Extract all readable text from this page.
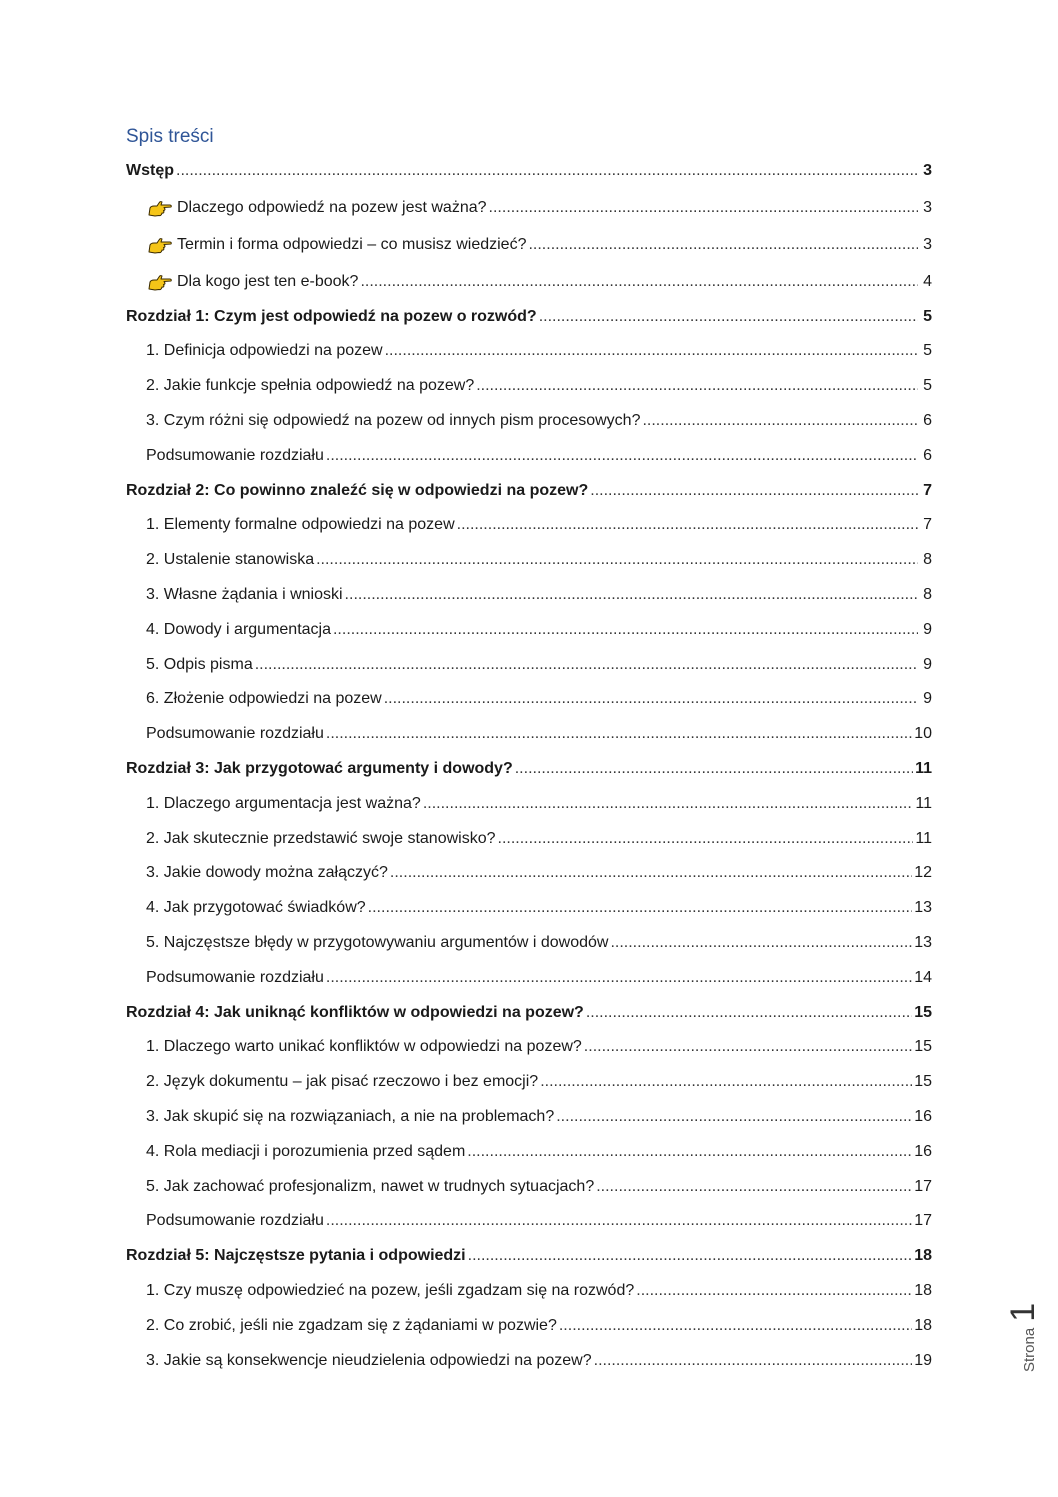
Spis treści
Wstęp .....	3
Dlaczego odpowiedź na pozew jest ważna? .....	3
Termin i forma odpowiedzi – co musisz wiedzieć? .....	3
Dla kogo jest ten e-book? .....	4
Rozdział 1: Czym jest odpowiedź na pozew o rozwód? .....	5
1. Definicja odpowiedzi na pozew .....	5
2. Jakie funkcje spełnia odpowiedź na pozew? .....	5
3. Czym różni się odpowiedź na pozew od innych pism procesowych? .....	6
Podsumowanie rozdziału .....	6
Rozdział 2: Co powinno znaleźć się w odpowiedzi na pozew? .....	7
1. Elementy formalne odpowiedzi na pozew .....	7
2. Ustalenie stanowiska .....	8
3. Własne żądania i wnioski .....	8
4. Dowody i argumentacja .....	9
5. Odpis pisma .....	9
6. Złożenie odpowiedzi na pozew .....	9
Podsumowanie rozdziału .....	10
Rozdział 3: Jak przygotować argumenty i dowody? .....	11
1. Dlaczego argumentacja jest ważna? .....	11
2. Jak skutecznie przedstawić swoje stanowisko? .....	11
3. Jakie dowody można załączyć? .....	12
4. Jak przygotować świadków? .....	13
5. Najczęstsze błędy w przygotowywaniu argumentów i dowodów .....	13
Podsumowanie rozdziału .....	14
Rozdział 4: Jak uniknąć konfliktów w odpowiedzi na pozew? .....	15
1. Dlaczego warto unikać konfliktów w odpowiedzi na pozew? .....	15
2. Język dokumentu – jak pisać rzeczowo i bez emocji? .....	15
3. Jak skupić się na rozwiązaniach, a nie na problemach? .....	16
4. Rola mediacji i porozumienia przed sądem .....	16
5. Jak zachować profesjonalizm, nawet w trudnych sytuacjach? .....	17
Podsumowanie rozdziału .....	17
Rozdział 5: Najczęstsze pytania i odpowiedzi .....	18
1. Czy muszę odpowiedzieć na pozew, jeśli zgadzam się na rozwód? .....	18
2. Co zrobić, jeśli nie zgadzam się z żądaniami w pozwie? .....	18
3. Jakie są konsekwencje nieudzielenia odpowiedzi na pozew? .....	19	Strona
1
